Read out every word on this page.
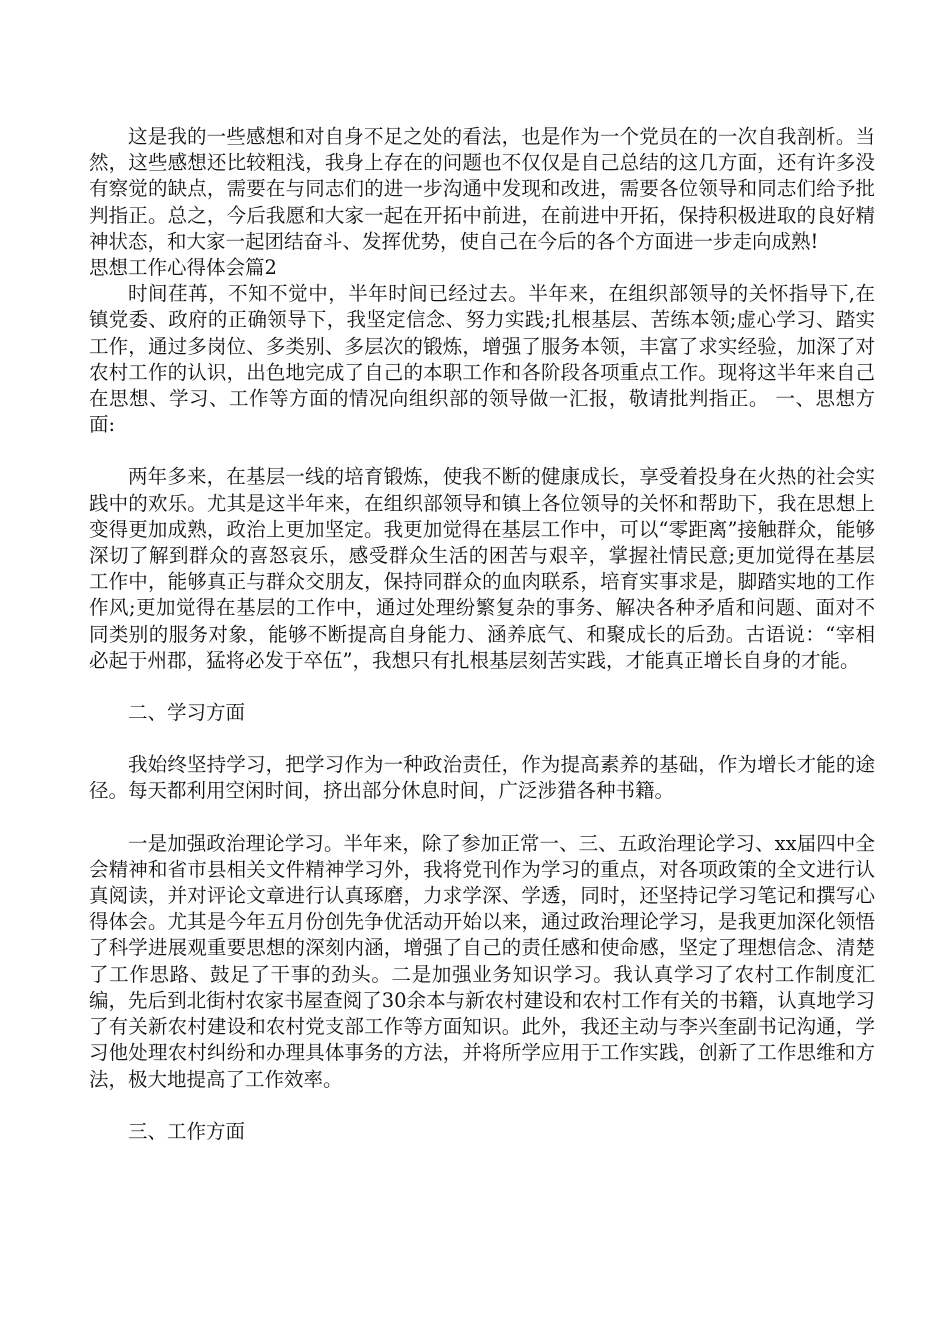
这是我的一些感想和对自身不足之处的看法，也是作为一个党员在的一次自我剖析。当然，这些感想还比较粗浅，我身上存在的问题也不仅仅是自己总结的这几方面，还有许多没有察觉的缺点，需要在与同志们的进一步沟通中发现和改进，需要各位领导和同志们给予批判指正。总之，今后我愿和大家一起在开拓中前进，在前进中开拓，保持积极进取的良好精神状态，和大家一起团结奋斗、发挥优势，使自己在今后的各个方面进一步走向成熟!

思想工作心得体会篇2

时间荏苒，不知不觉中，半年时间已经过去。半年来，在组织部领导的关怀指导下,在镇党委、政府的正确领导下，我坚定信念、努力实践;扎根基层、苦练本领;虚心学习、踏实工作，通过多岗位、多类别、多层次的锻炼，增强了服务本领，丰富了求实经验，加深了对农村工作的认识，出色地完成了自己的本职工作和各阶段各项重点工作。现将这半年来自己在思想、学习、工作等方面的情况向组织部的领导做一汇报，敬请批判指正。 一、思想方面:

两年多来，在基层一线的培育锻炼，使我不断的健康成长，享受着投身在火热的社会实践中的欢乐。尤其是这半年来，在组织部领导和镇上各位领导的关怀和帮助下，我在思想上变得更加成熟，政治上更加坚定。我更加觉得在基层工作中，可以“零距离”接触群众，能够深切了解到群众的喜怒哀乐，感受群众生活的困苦与艰辛，掌握社情民意;更加觉得在基层工作中，能够真正与群众交朋友，保持同群众的血肉联系，培育实事求是，脚踏实地的工作作风;更加觉得在基层的工作中，通过处理纷繁复杂的事务、解决各种矛盾和问题、面对不同类别的服务对象，能够不断提高自身能力、涵养底气、和聚成长的后劲。古语说：“宰相必起于州郡，猛将必发于卒伍”，我想只有扎根基层刻苦实践，才能真正增长自身的才能。

二、学习方面

我始终坚持学习，把学习作为一种政治责任，作为提高素养的基础，作为增长才能的途径。每天都利用空闲时间，挤出部分休息时间，广泛涉猎各种书籍。

一是加强政治理论学习。半年来，除了参加正常一、三、五政治理论学习、xx届四中全会精神和省市县相关文件精神学习外，我将党刊作为学习的重点，对各项政策的全文进行认真阅读，并对评论文章进行认真琢磨，力求学深、学透，同时，还坚持记学习笔记和撰写心得体会。尤其是今年五月份创先争优活动开始以来，通过政治理论学习，是我更加深化领悟了科学进展观重要思想的深刻内涵，增强了自己的责任感和使命感，坚定了理想信念、清楚了工作思路、鼓足了干事的劲头。二是加强业务知识学习。我认真学习了农村工作制度汇编，先后到北街村农家书屋查阅了30余本与新农村建设和农村工作有关的书籍，认真地学习了有关新农村建设和农村党支部工作等方面知识。此外，我还主动与李兴奎副书记沟通，学习他处理农村纠纷和办理具体事务的方法，并将所学应用于工作实践，创新了工作思维和方法，极大地提高了工作效率。

三、工作方面
